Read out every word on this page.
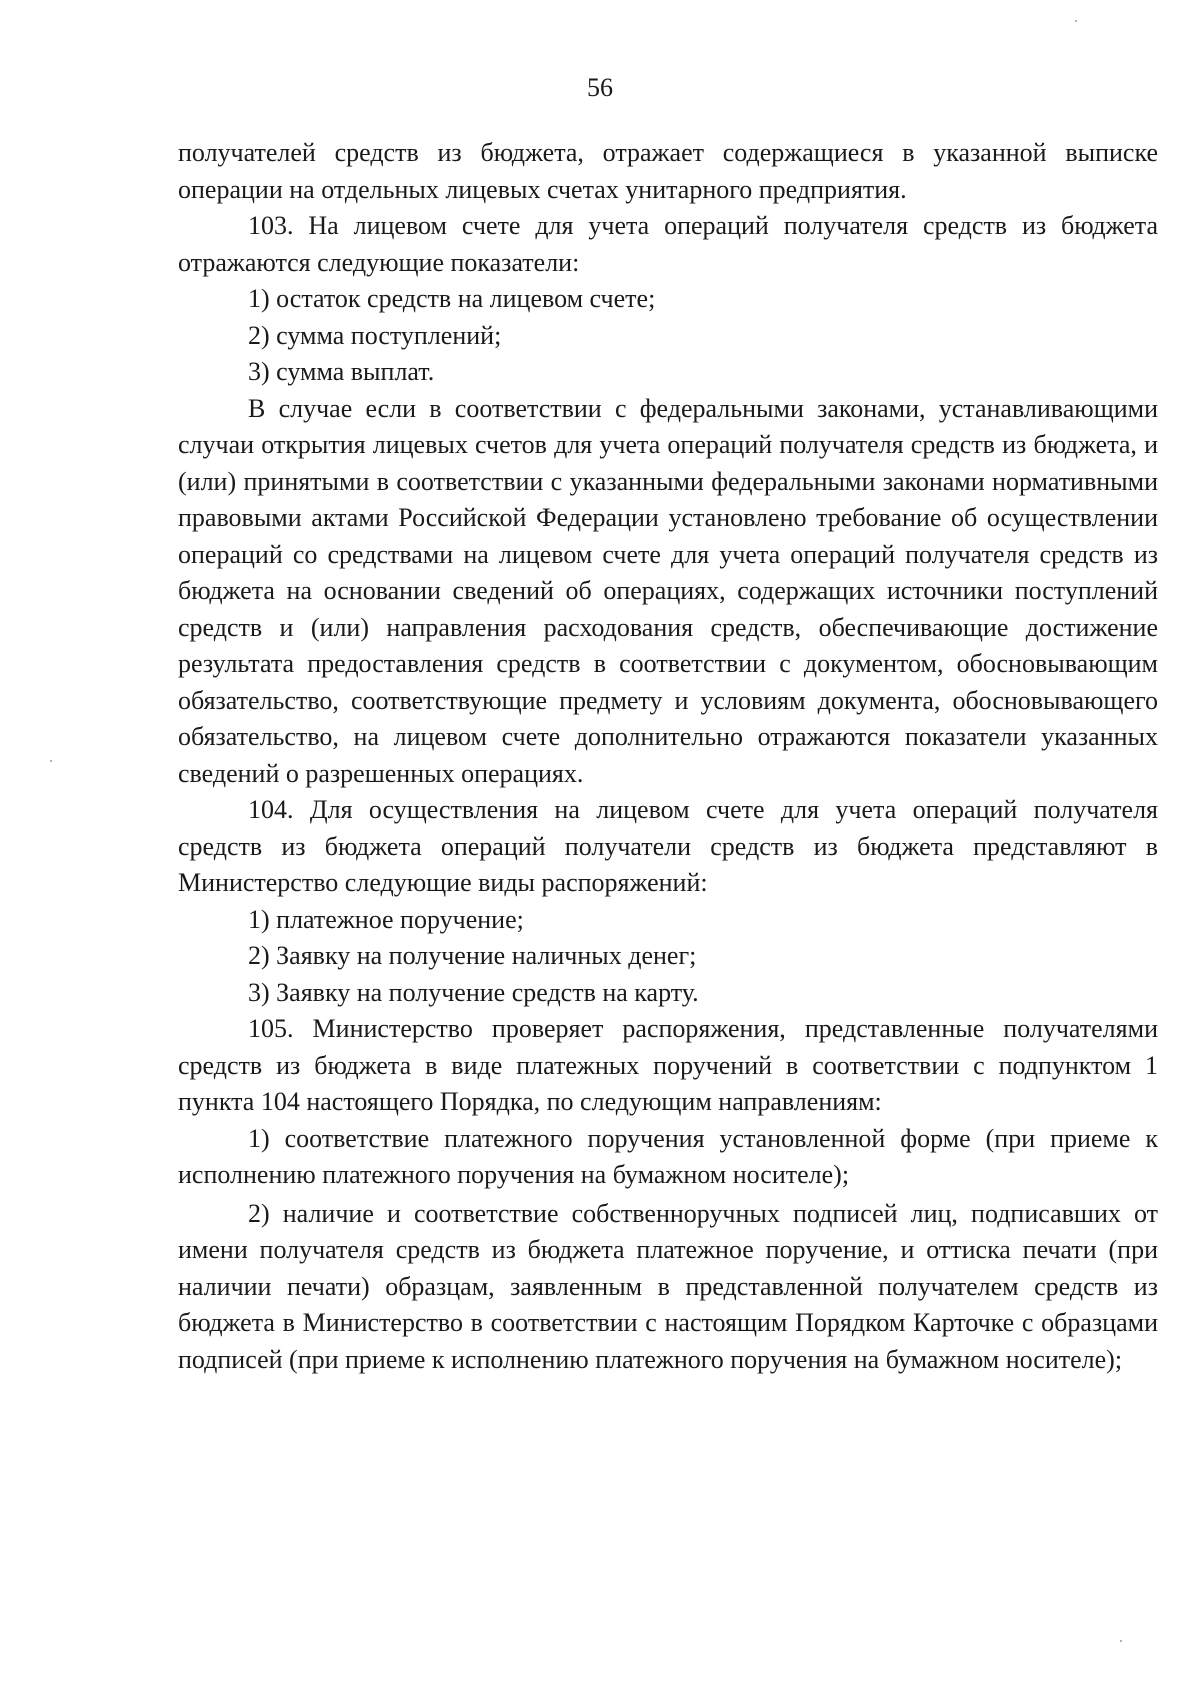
56

получателей средств из бюджета, отражает содержащиеся в указанной выписке операции на отдельных лицевых счетах унитарного предприятия.

103. На лицевом счете для учета операций получателя средств из бюджета отражаются следующие показатели:

1) остаток средств на лицевом счете;

2) сумма поступлений;

3) сумма выплат.

В случае если в соответствии с федеральными законами, устанавливающими случаи открытия лицевых счетов для учета операций получателя средств из бюджета, и (или) принятыми в соответствии с указанными федеральными законами нормативными правовыми актами Российской Федерации установлено требование об осуществлении операций со средствами на лицевом счете для учета операций получателя средств из бюджета на основании сведений об операциях, содержащих источники поступлений средств и (или) направления расходования средств, обеспечивающие достижение результата предоставления средств в соответствии с документом, обосновывающим обязательство, соответствующие предмету и условиям документа, обосновывающего обязательство, на лицевом счете дополнительно отражаются показатели указанных сведений о разрешенных операциях.

104. Для осуществления на лицевом счете для учета операций получателя средств из бюджета операций получатели средств из бюджета представляют в Министерство следующие виды распоряжений:

1) платежное поручение;

2) Заявку на получение наличных денег;

3) Заявку на получение средств на карту.

105. Министерство проверяет распоряжения, представленные получателями средств из бюджета в виде платежных поручений в соответствии с подпунктом 1 пункта 104 настоящего Порядка, по следующим направлениям:

1) соответствие платежного поручения установленной форме (при приеме к исполнению платежного поручения на бумажном носителе);

2) наличие и соответствие собственноручных подписей лиц, подписавших от имени получателя средств из бюджета платежное поручение, и оттиска печати (при наличии печати) образцам, заявленным в представленной получателем средств из бюджета в Министерство в соответствии с настоящим Порядком Карточке с образцами подписей (при приеме к исполнению платежного поручения на бумажном носителе);
